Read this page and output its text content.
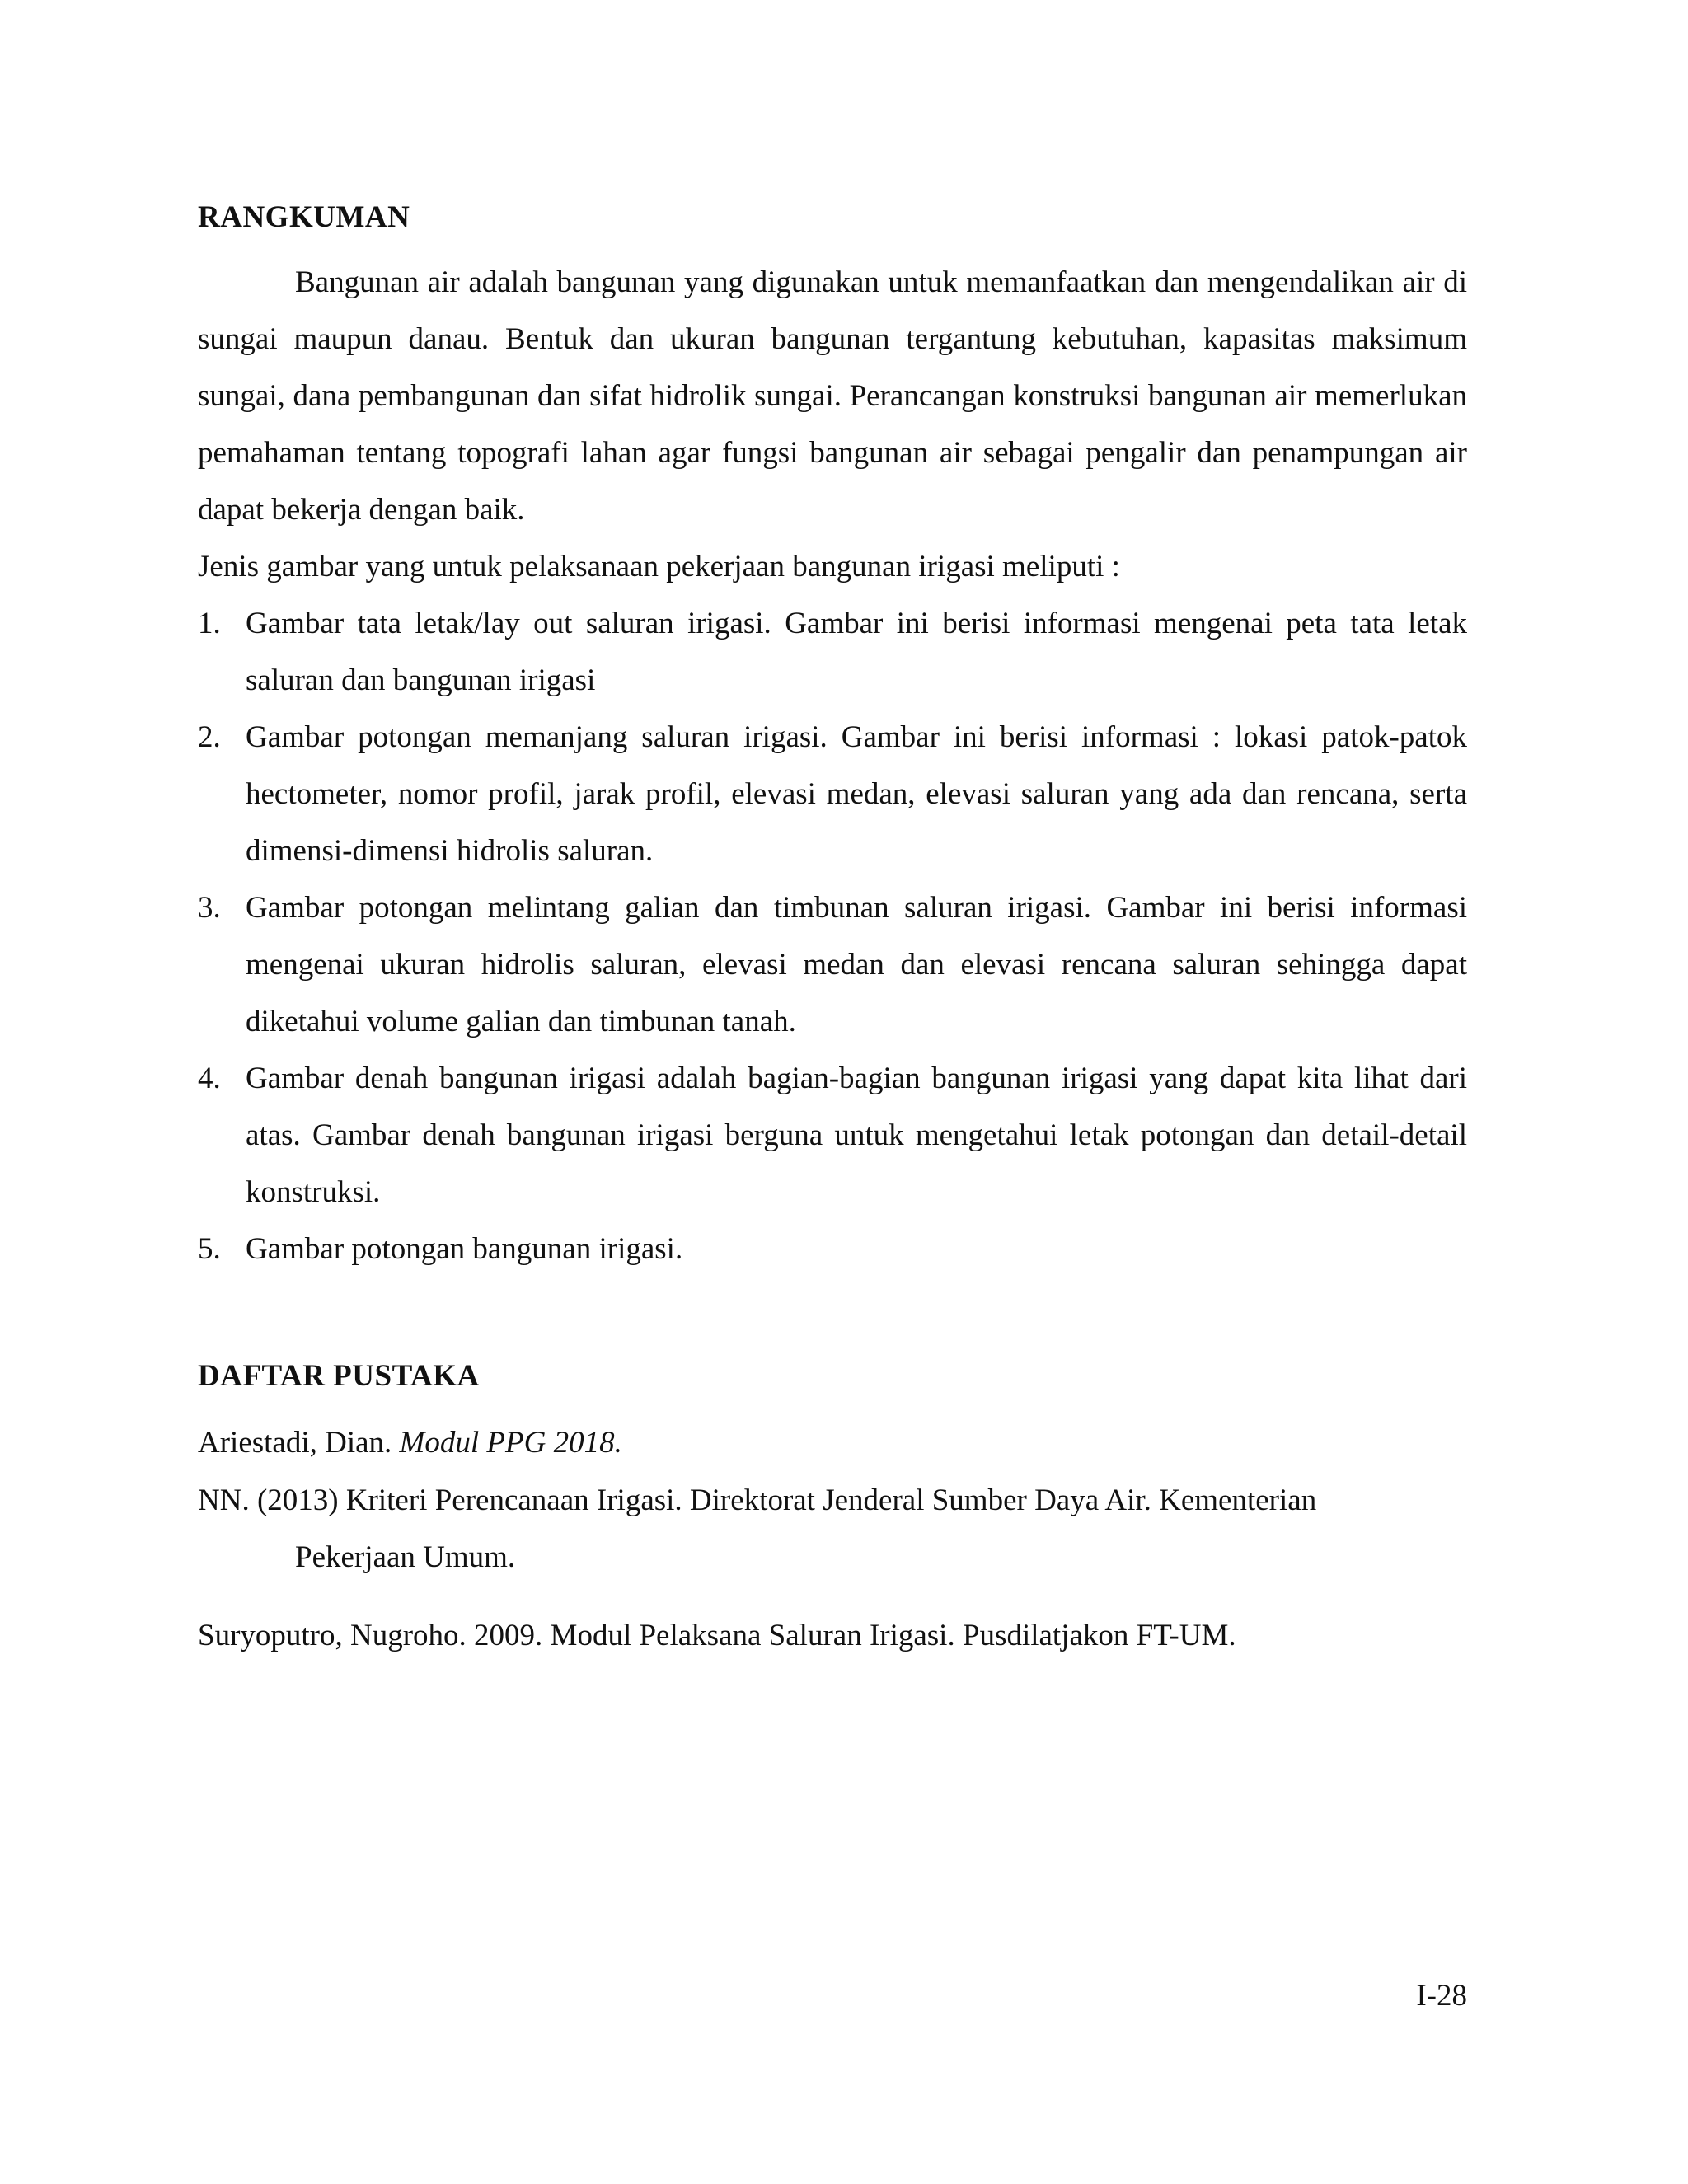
RANGKUMAN

Bangunan air adalah bangunan yang digunakan untuk memanfaatkan dan mengendalikan air di sungai maupun danau. Bentuk dan ukuran bangunan tergantung kebutuhan, kapasitas maksimum sungai, dana pembangunan dan sifat hidrolik sungai. Perancangan konstruksi bangunan air memerlukan pemahaman tentang topografi lahan agar fungsi bangunan air sebagai pengalir dan penampungan air dapat bekerja dengan baik.

Jenis gambar yang untuk pelaksanaan pekerjaan bangunan irigasi meliputi :

1. Gambar tata letak/lay out saluran irigasi. Gambar ini berisi informasi mengenai peta tata letak saluran dan bangunan irigasi
2. Gambar potongan memanjang saluran irigasi. Gambar ini berisi informasi : lokasi patok-patok hectometer, nomor profil, jarak profil, elevasi medan, elevasi saluran yang ada dan rencana, serta dimensi-dimensi hidrolis saluran.
3. Gambar potongan melintang galian dan timbunan saluran irigasi. Gambar ini berisi informasi mengenai ukuran hidrolis saluran, elevasi medan dan elevasi rencana saluran sehingga dapat diketahui volume galian dan timbunan tanah.
4. Gambar denah bangunan irigasi adalah bagian-bagian bangunan irigasi yang dapat kita lihat dari atas. Gambar denah bangunan irigasi berguna untuk mengetahui letak potongan dan detail-detail konstruksi.
5. Gambar potongan bangunan irigasi.
DAFTAR PUSTAKA
Ariestadi, Dian. Modul PPG 2018.
NN. (2013) Kriteri Perencanaan Irigasi. Direktorat Jenderal Sumber Daya Air. Kementerian
Pekerjaan Umum.
Suryoputro, Nugroho. 2009. Modul Pelaksana Saluran Irigasi. Pusdilatjakon FT-UM.
I-28
